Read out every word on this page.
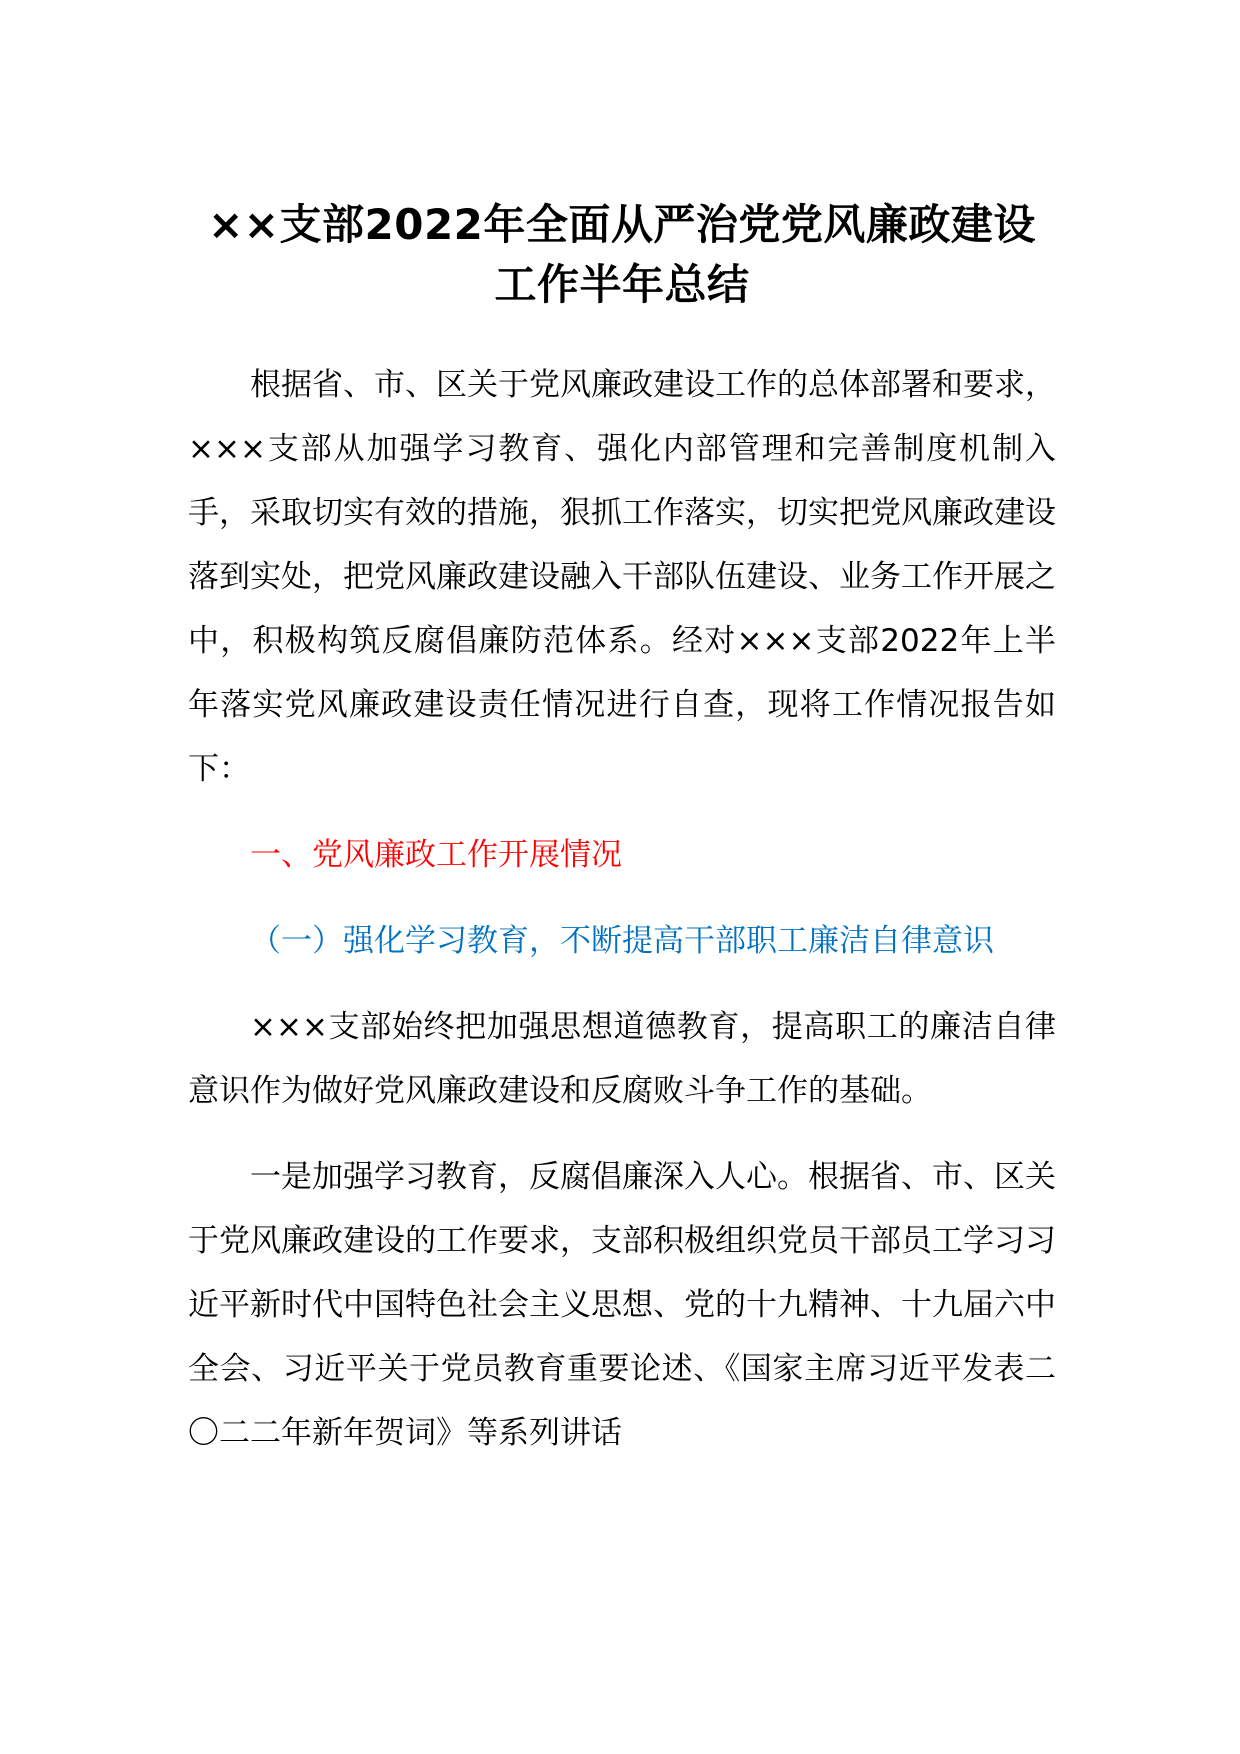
××支部2022年全面从严治党党风廉政建设工作半年总结

根据省、市、区关于党风廉政建设工作的总体部署和要求，×××支部从加强学习教育、强化内部管理和完善制度机制入手，采取切实有效的措施，狠抓工作落实，切实把党风廉政建设落到实处，把党风廉政建设融入干部队伍建设、业务工作开展之中，积极构筑反腐倡廉防范体系。经对×××支部2022年上半年落实党风廉政建设责任情况进行自查，现将工作情况报告如下：

一、党风廉政工作开展情况

（一）强化学习教育，不断提高干部职工廉洁自律意识

×××支部始终把加强思想道德教育，提高职工的廉洁自律意识作为做好党风廉政建设和反腐败斗争工作的基础。

一是加强学习教育，反腐倡廉深入人心。根据省、市、区关于党风廉政建设的工作要求，支部积极组织党员干部员工学习习近平新时代中国特色社会主义思想、党的十九精神、十九届六中全会、习近平关于党员教育重要论述、《国家主席习近平发表二〇二二年新年贺词》等系列讲话
